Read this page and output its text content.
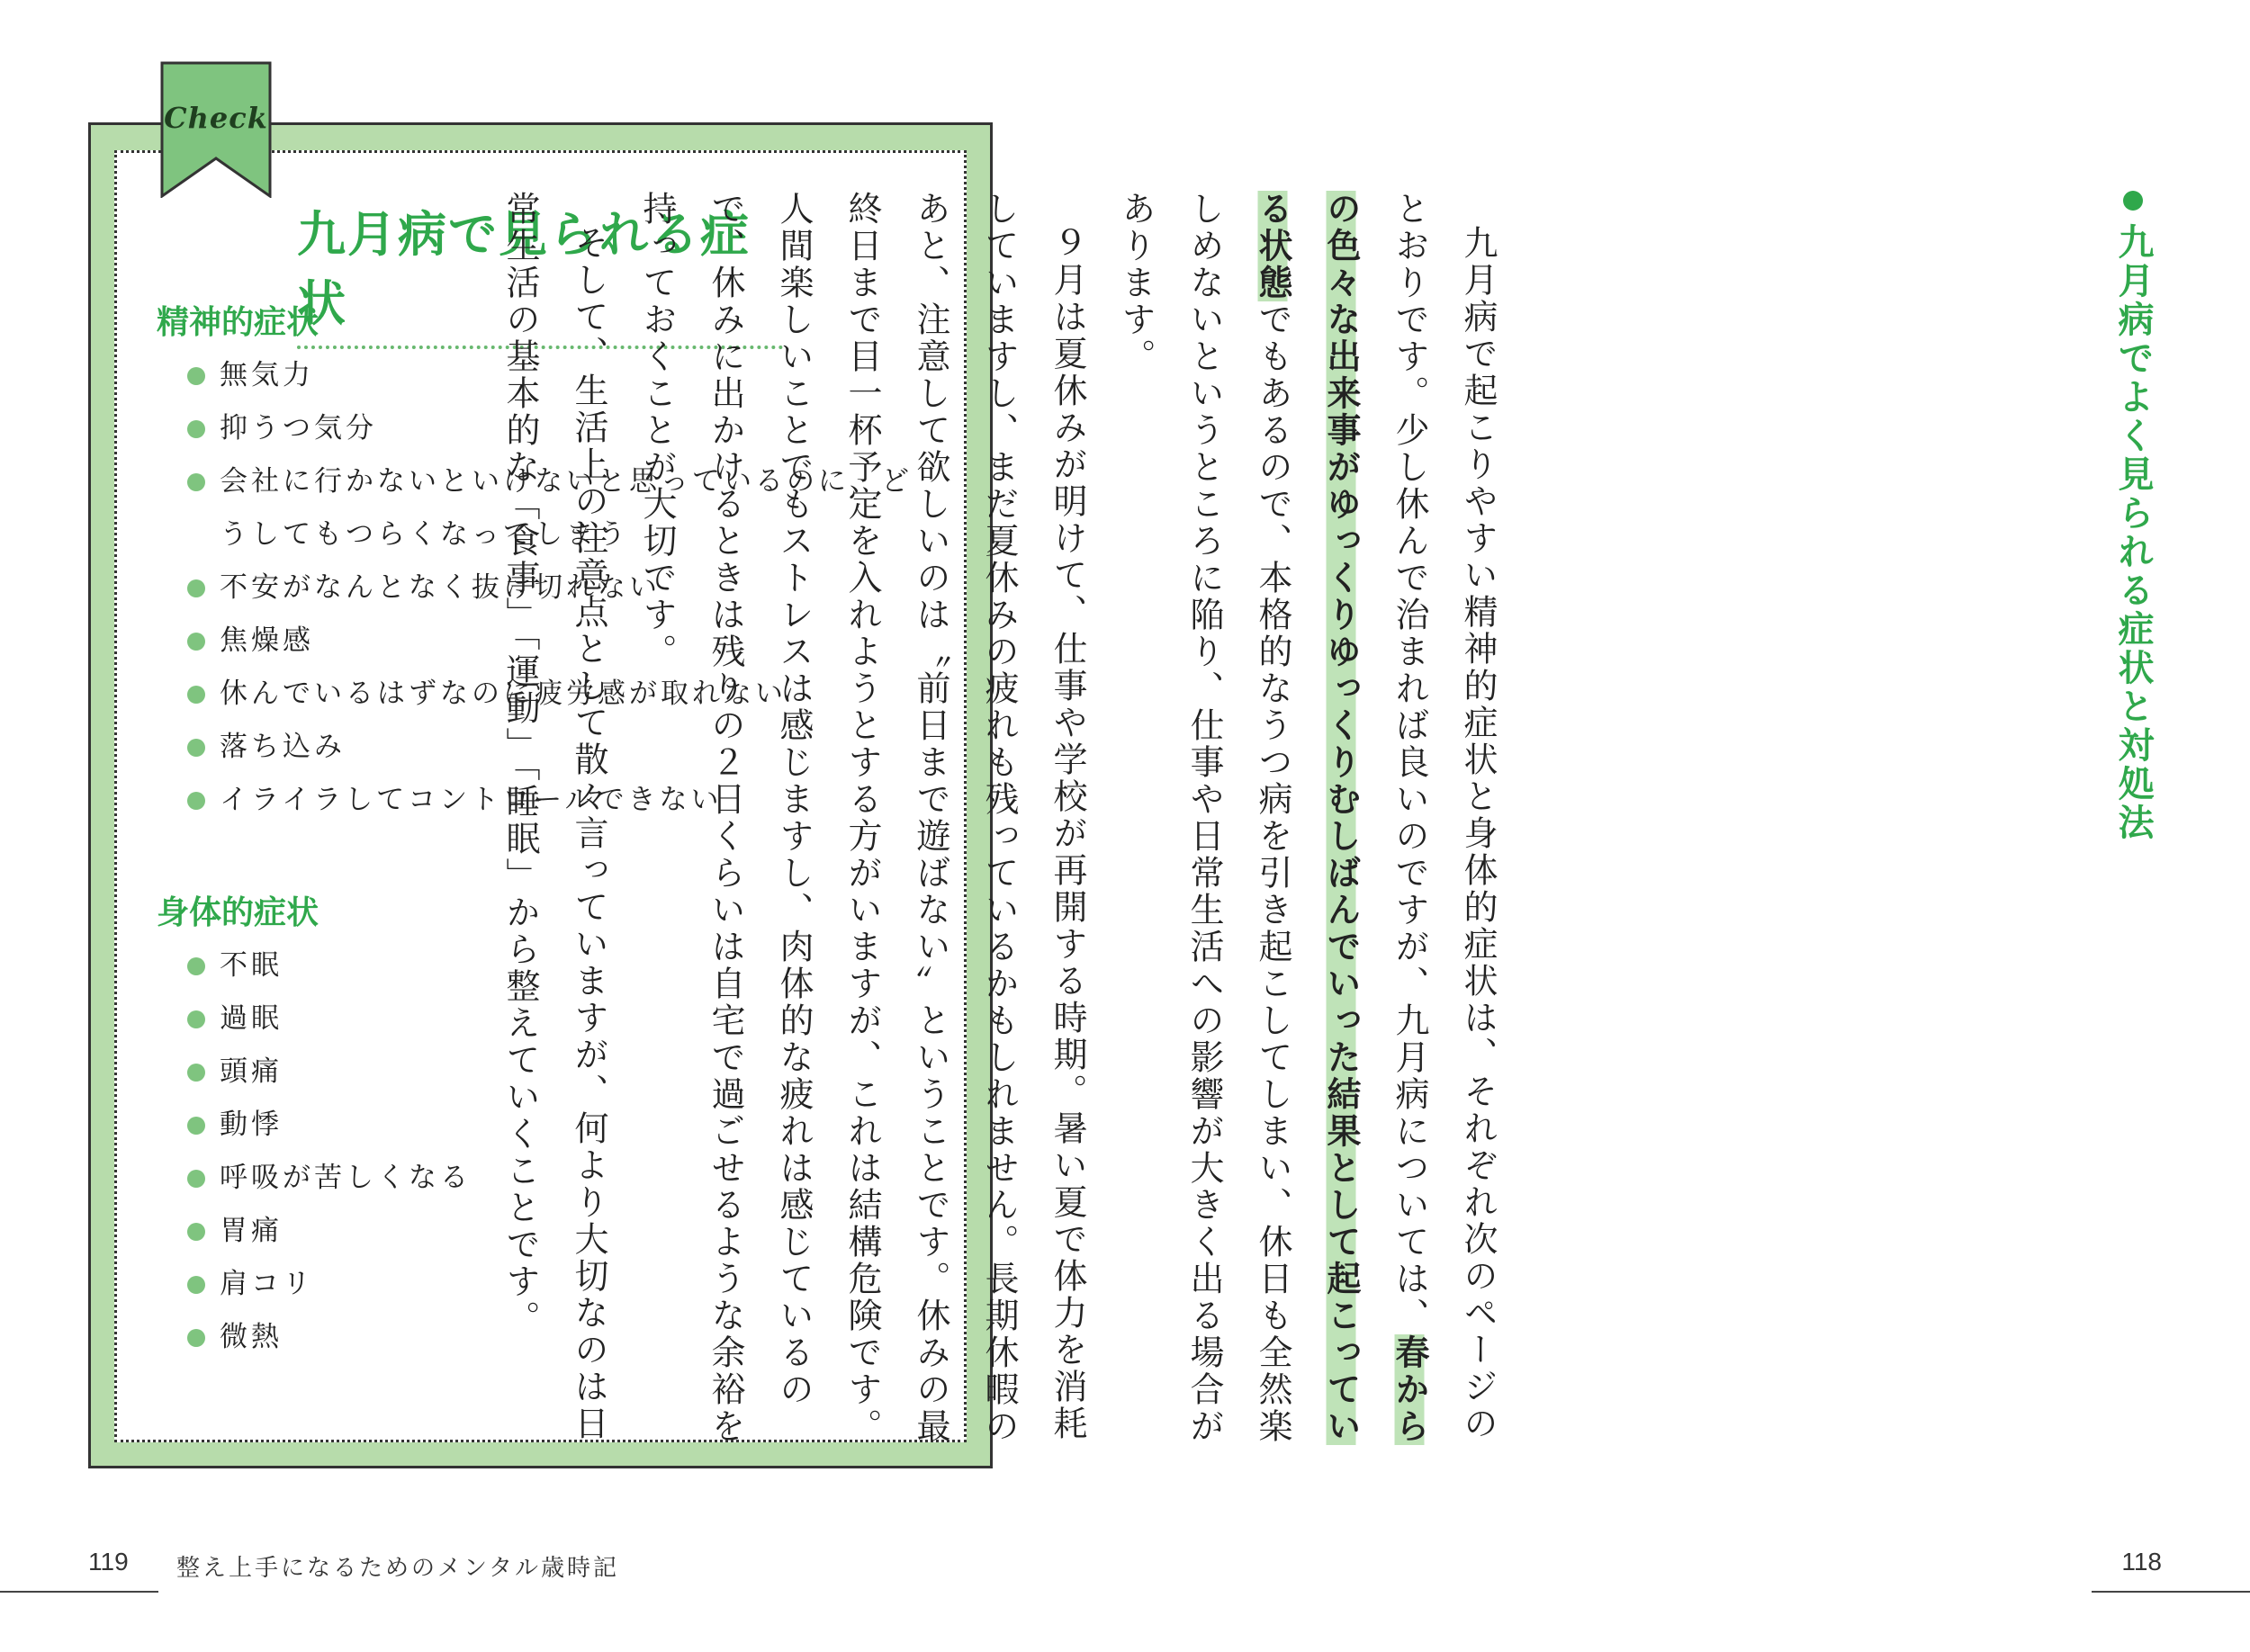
Check
九月病で見られる症状
精神的症状
無気力
抑うつ気分
会社に行かないといけないと思っているのに、ど
うしてもつらくなってしまう
不安がなんとなく抜け切れない
焦燥感
休んでいるはずなのに疲労感が取れない
落ち込み
イライラしてコントロールできない
身体的症状
不眠
過眠
頭痛
動悸
呼吸が苦しくなる
胃痛
肩コリ
微熱
119 整え上手になるためのメンタル歳時記
九月病でよく見られる症状と対処法

九月病で起こりやすい精神的症状と身体的症状は、それぞれ次のページのとおりです。少し休んで治まれば良いのですが、九月病については、春からの色々な出来事がゆっくりゆっくりむしばんでいった結果として起こっている状態でもあるので、本格的なうつ病を引き起こしてしまい、休日も全然楽しめないというところに陥り、仕事や日常生活への影響が大きく出る場合があります。

９月は夏休みが明けて、仕事や学校が再開する時期。暑い夏で体力を消耗していますし、まだ夏休みの疲れも残っているかもしれません。長期休暇のあと、注意して欲しいのは〝前日まで遊ばない〟ということです。休みの最終日まで目一杯予定を入れようとする方がいますが、これは結構危険です。人間楽しいことでもストレスは感じますし、肉体的な疲れは感じているので、休みに出かけるときは残りの２日くらいは自宅で過ごせるような余裕を持っておくことが大切です。

そして、生活上の注意点として散々言っていますが、何より大切なのは日常生活の基本的な「食事」「運動」「睡眠」から整えていくことです。

118
